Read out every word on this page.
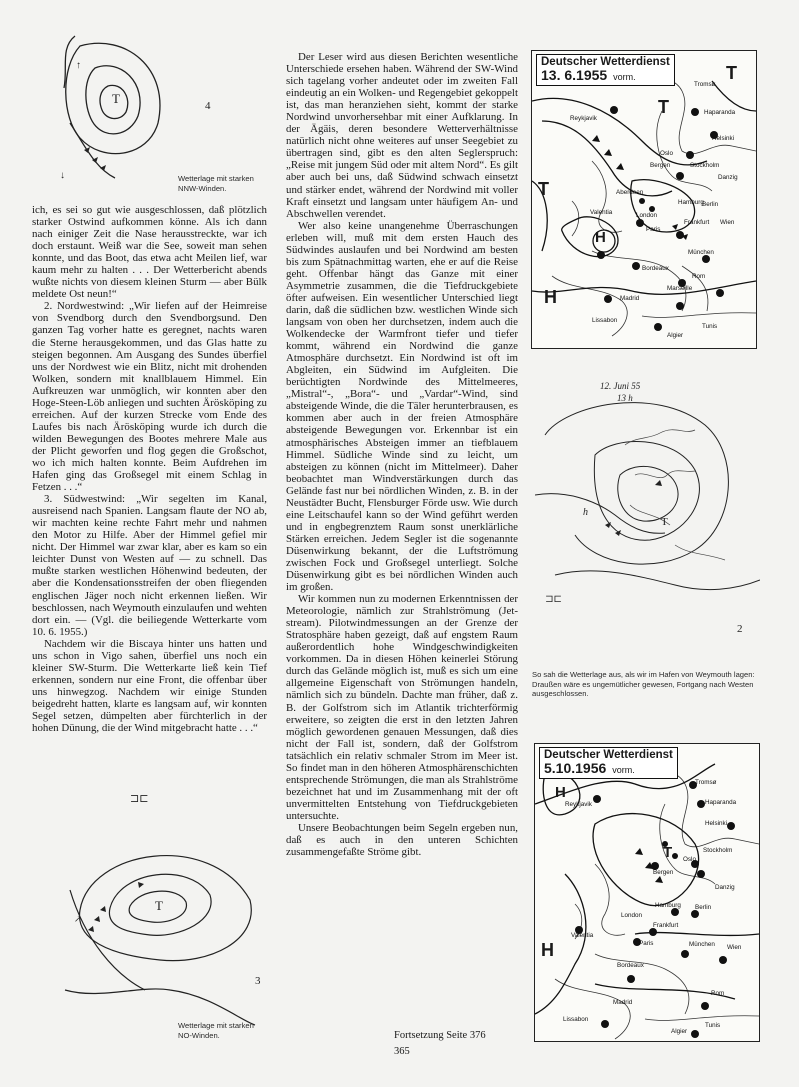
T
↑
↓
4
Wetterlage mit starken NNW-Winden.

ich, es sei so gut wie ausgeschlossen, daß plötzlich starker Ostwind aufkommen könne. Als ich dann nach einiger Zeit die Nase herausstreckte, war ich doch erstaunt. Weiß war die See, soweit man sehen konnte, und das Boot, das etwa acht Meilen lief, war kaum mehr zu halten . . . Der Wetterbericht abends wußte nichts von diesem kleinen Sturm — aber Bülk meldete Ost neun!“

2. Nordwestwind: „Wir liefen auf der Heimreise von Svendborg durch den Svendborgsund. Den ganzen Tag vorher hatte es geregnet, nachts waren die Sterne herausgekommen, und das Glas hatte zu steigen begonnen. Am Ausgang des Sundes überfiel uns der Nordwest wie ein Blitz, nicht mit drohenden Wolken, sondern mit knallblauem Himmel. Ein Aufkreuzen war unmöglich, wir konnten aber den Hoge-Steen-Löb anliegen und suchten Ärösköping zu erreichen. Auf der kurzen Strecke vom Ende des Laufes bis nach Ärösköping wurde ich durch die wilden Bewegungen des Bootes mehrere Male aus der Plicht geworfen und flog gegen die Großschot, wo ich mich halten konnte. Beim Aufdrehen im Hafen ging das Großsegel mit einem Schlag in Fetzen . . .“

3. Südwestwind: „Wir segelten im Kanal, ausreisend nach Spanien. Langsam flaute der NO ab, wir machten keine rechte Fahrt mehr und nahmen den Motor zu Hilfe. Aber der Himmel gefiel mir nicht. Der Himmel war zwar klar, aber es kam so ein leichter Dunst von Westen auf — zu schnell. Das mußte starken westlichen Höhenwind bedeuten, der aber die Kondensationsstreifen der oben fliegenden englischen Jäger noch nicht erkennen ließen. Wir beschlossen, nach Weymouth einzulaufen und wehten dort ein. — (Vgl. die beiliegende Wetterkarte vom 10. 6. 1955.)

Nachdem wir die Biscaya hinter uns hatten und uns schon in Vigo sahen, überfiel uns noch ein kleiner SW-Sturm. Die Wetterkarte ließ kein Tief erkennen, sondern nur eine Front, die offenbar über uns hinwegzog. Nachdem wir einige Stunden beigedreht hatten, klarte es langsam auf, wir konnten Segel setzen, dümpelten aber fürchterlich in der hohen Dünung, die der Wind mitgebracht hatte . . .“

⊐⊏
T
↗
3
Wetterlage mit starken NO-Winden.

Der Leser wird aus diesen Berichten wesentliche Unterschiede ersehen haben. Während der SW-Wind sich tagelang vorher andeutet oder im zweiten Fall eindeutig an ein Wolken- und Regengebiet gekoppelt ist, das man heranziehen sieht, kommt der starke Nordwind unvorhersehbar mit einer Aufklarung. In der Ägäis, deren besondere Wetterverhältnisse natürlich nicht ohne weiteres auf unser Seegebiet zu übertragen sind, gibt es den alten Seglerspruch: „Reise mit jungem Süd oder mit altem Nord“. Es gilt aber auch bei uns, daß Südwind schwach einsetzt und stärker endet, während der Nordwind mit voller Kraft einsetzt und langsam unter häufigem An- und Abschwellen verendet.

Wer also keine unangenehme Überraschungen erleben will, muß mit dem ersten Hauch des Südwindes auslaufen und bei Nordwind am besten bis zum Spätnachmittag warten, ehe er auf die Reise geht. Offenbar hängt das Ganze mit einer Asymmetrie zusammen, die die Tiefdruckgebiete öfter aufweisen. Ein wesentlicher Unterschied liegt darin, daß die südlichen bzw. westlichen Winde sich langsam von oben her durchsetzen, indem auch die Wolkendecke der Warmfront tiefer und tiefer kommt, während ein Nordwind die ganze Atmosphäre durchsetzt. Ein Nordwind ist oft im Abgleiten, ein Südwind im Aufgleiten. Die berüchtigten Nordwinde des Mittelmeeres, „Mistral“-, „Bora“- und „Vardar“-Wind, sind absteigende Winde, die die Täler herunterbrausen, es kommen aber auch in der freien Atmosphäre absteigende Bewegungen vor. Erkennbar ist ein atmosphärisches Absteigen immer an tiefblauem Himmel. Südliche Winde sind zu leicht, um absteigen zu können (nicht im Mittelmeer). Daher beobachtet man Windverstärkungen durch das Gelände fast nur bei nördlichen Winden, z. B. in der Neustädter Bucht, Flensburger Förde usw. Wie durch eine Leitschaufel kann so der Wind geführt werden und in engbegrenztem Raum sonst unerklärliche Stärken erreichen. Jedem Segler ist die sogenannte Düsenwirkung bekannt, der die Luftströmung zwischen Fock und Großsegel unterliegt. Solche Düsenwirkung gibt es bei nördlichen Winden auch im großen.

Wir kommen nun zu modernen Erkenntnissen der Meteorologie, nämlich zur Strahlströmung (Jet-stream). Pilotwindmessungen an der Grenze der Stratosphäre haben gezeigt, daß auf engstem Raum außerordentlich hohe Windgeschwindigkeiten vorkommen. Da in diesen Höhen keinerlei Störung durch das Gelände möglich ist, muß es sich um eine allgemeine Eigenschaft von Strömungen handeln, nämlich sich zu bündeln. Dachte man früher, daß z. B. der Golfstrom sich im Atlantik trichterförmig erweitere, so zeigten die erst in den letzten Jahren möglich gewordenen genauen Messungen, daß dies nicht der Fall ist, sondern, daß der Golfstrom tatsächlich ein relativ schmaler Strom im Meer ist. So findet man in den höheren Atmosphärenschichten entsprechende Strömungen, die man als Strahlströme bezeichnet hat und im Zusammenhang mit der oft unvermittelten Entstehung von Tiefdruckgebieten untersuchte.

Unsere Beobachtungen beim Segeln ergeben nun, daß es auch in den unteren Schichten zusammengefaßte Ströme gibt.

Fortsetzung Seite 376
365
Deutscher Wetterdienst
13. 6.1955 vorm.
Tromsø
Haparanda
Reykjavik
Helsinki
Oslo
Stockholm
Danzig
Bergen
Aberdeen
Hamburg
Berlin
Paris
Valentia	London
Frankfurt Wien
München
Bordeaux
Madrid
Marseille
Rom
Lissabon
Algier
Tunis
T
H
T
T
H
12. Juni 55
13 h
⊐⊏
h
T
2
So sah die Wetterlage aus, als wir im Hafen von Weymouth lagen: Draußen wäre es ungemütlicher gewesen, Fortgang nach Westen ausgeschlossen.
Deutscher Wetterdienst
5.10.1956 vorm.
Tromsø
Haparanda
Reykjavik
Helsinki
Bergen
Stockholm
Oslo
Danzig
Hamburg Berlin
Valentia
London
Frankfurt
Paris	München Wien
Bordeaux
Rom
Madrid
Lissabon
Algier
Tunis
H
T
H
